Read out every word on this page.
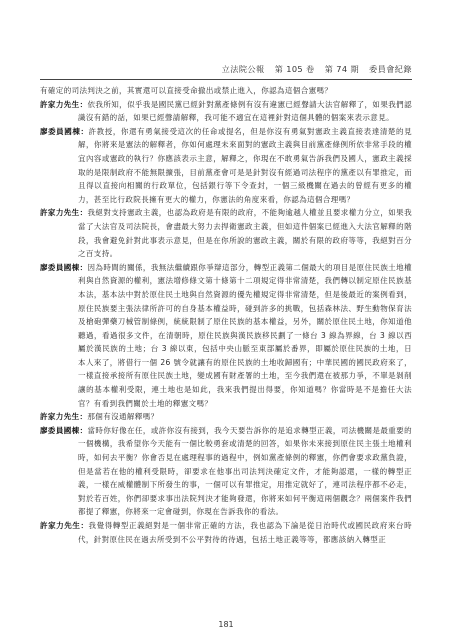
立法院公報 第 105 卷 第 74 期 委員會紀錄

有確定的司法判決之前，其實還可以直接受命撤出或禁止進入，你認為這個合憲嗎？

許家力先生：依我所知，似乎我是國民黨已經針對黨產條例有沒有違憲已經聲請大法官解釋了，如果我們認識沒有錯的話，如果已經聲請解釋，我可能不適宜在這裡針對這個具體的個案來表示意見。

廖委員國棟：許教授，你還有勇氣接受這次的任命或提名，但是你沒有勇氣對憲政主義直接表達清楚的見解，你將來是憲法的解釋者，你如何處理未來面對的憲政主義與目前黨產條例所依非常手段的權宜內容或憲政的執行？你應該表示主意，解釋之，你現在不敢勇氣告訴我們及國人，憲政主義採取的是限制政府不能無限擴張，目前黨產會可是是針對沒有經過司法程序的黨產以有罪推定，而且得以直接向相關的行政單位，包括銀行等下令查封，一個三級機關在過去的曾經有更多的權力，甚至比行政院長擁有更大的權力，你憲法的角度來看，你認為這個合理嗎？

許家力先生：我絕對支持憲政主義，也認為政府是有限的政府，不能夠逾越人權並且要求權力分立，如果我當了大法官及司法院長，會盡最大努力去捍衛憲政主義，但如這件個案已經進入大法官解釋的階段，我會避免針對此事表示意見，但是在你所說的憲政主義，關於有限的政府等等，我絕對百分之百支持。

廖委員國棟：因為時間的關係，我無法繼續跟你爭辯這部分，轉型正義第二個最大的項目是原住民族土地權利與自然資源的權利，憲法增修條文第十條第十二項規定得非常清楚，我們轉以制定原住民族基本法，基本法中對於原住民土地與自然資源的優先權規定得非常清楚，但是後最近的案例看到，原住民族要主張法律所許可的自身基本權益時，碰到許多的挑戰，包括森林法、野生動物保育法及槍砲彈藥刀械管制條例，統統限制了原住民族的基本權益，另外，關於原住民土地，你知道他聽過，看過很多文件，在清朝時，原住民族與漢民族移民劃了一條台 3 線為界線，台 3 線以西屬於漢民族的土地；台 3 線以東，包括中央山脈至東部屬於番界，即屬於原住民族的土地，日本人來了，將借行一個 26 號令就讓有的原住民族的土地收歸國有；中華民國的國民政府來了，一樣直接承接所有原住民族土地，變成國有財產署的土地，至今我們還在被那力爭，不單是剝削讓的基本權利受限，連土地也是如此，我來我們提出得要，你知道嗎？你當時是不是擔任大法官？有看到我們關於土地的釋憲文嗎？

許家力先生：那個有沒通解釋嗎？

廖委員國棟：當時你好像在任，或許你沒有接到，我今天要告訴你的是追求轉型正義，司法機關是最重要的一個機構，我希望你今天能有一個比較勇套或清楚的回答，如果你未來接到原住民主張土地權利時，如何去平衡？你會否見在處理程事的過程中，例如黨產條例的釋憲，你們會要求政黨負證，但是當若在他的權利受限時，卻要求在他事出司法判決確定文件，才能夠認還，一樣的轉型正義，一樣在威權體制下所發生的事，一個可以有罪推定，用推定就好了，連司法程序都不必走，對於若百姓，你們卻要求事出法院判決才能夠發還，你將來如何平衡這兩個觀念？兩個案件我們都提了釋憲，你將來一定會碰到，你現在告訴我你的看法。

許家力先生：我覺得轉型正義絕對是一個非常正確的方法，我也認為下論是從日治時代或國民政府來台時代，針對原住民在過去所受到不公平對待的待遇，包括土地正義等等，都應該納入轉型正

181
